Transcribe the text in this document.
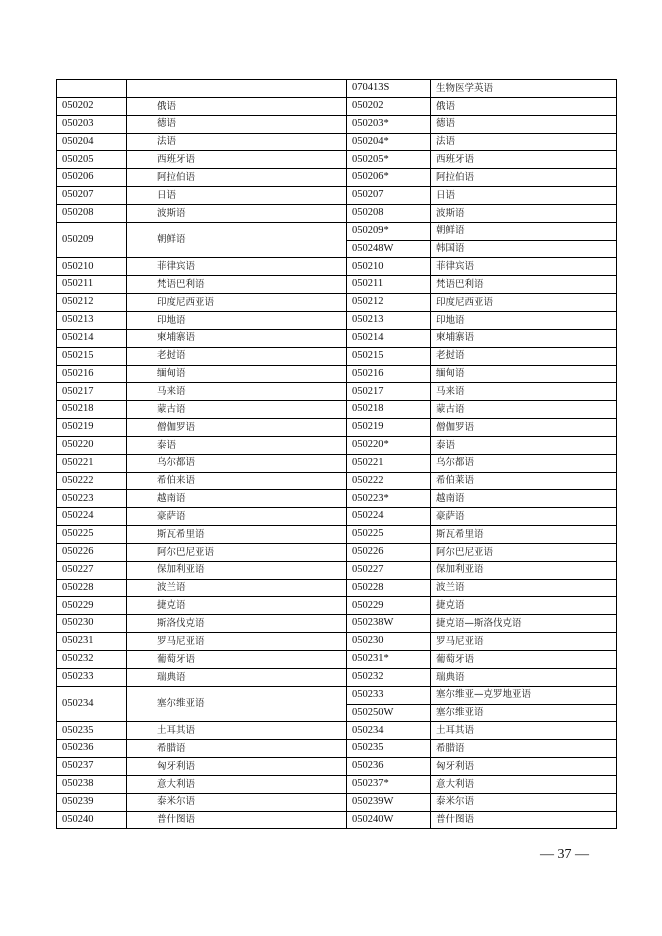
		070413S	生物医学英语
050202	俄语	050202	俄语
050203	德语	050203*	德语
050204	法语	050204*	法语
050205	西班牙语	050205*	西班牙语
050206	阿拉伯语	050206*	阿拉伯语
050207	日语	050207	日语
050208	波斯语	050208	波斯语
050209	朝鲜语	050209*	朝鲜语
		050248W	韩国语
050210	菲律宾语	050210	菲律宾语
050211	梵语巴利语	050211	梵语巴利语
050212	印度尼西亚语	050212	印度尼西亚语
050213	印地语	050213	印地语
050214	柬埔寨语	050214	柬埔寨语
050215	老挝语	050215	老挝语
050216	缅甸语	050216	缅甸语
050217	马来语	050217	马来语
050218	蒙古语	050218	蒙古语
050219	僧伽罗语	050219	僧伽罗语
050220	泰语	050220*	泰语
050221	乌尔都语	050221	乌尔都语
050222	希伯来语	050222	希伯莱语
050223	越南语	050223*	越南语
050224	豪萨语	050224	豪萨语
050225	斯瓦希里语	050225	斯瓦希里语
050226	阿尔巴尼亚语	050226	阿尔巴尼亚语
050227	保加利亚语	050227	保加利亚语
050228	波兰语	050228	波兰语
050229	捷克语	050229	捷克语
050230	斯洛伐克语	050238W	捷克语—斯洛伐克语
050231	罗马尼亚语	050230	罗马尼亚语
050232	葡萄牙语	050231*	葡萄牙语
050233	瑞典语	050232	瑞典语
050234	塞尔维亚语	050233	塞尔维亚—克罗地亚语
		050250W	塞尔维亚语
050235	土耳其语	050234	土耳其语
050236	希腊语	050235	希腊语
050237	匈牙利语	050236	匈牙利语
050238	意大利语	050237*	意大利语
050239	泰米尔语	050239W	泰米尔语
050240	普什图语	050240W	普什图语
— 37 —
